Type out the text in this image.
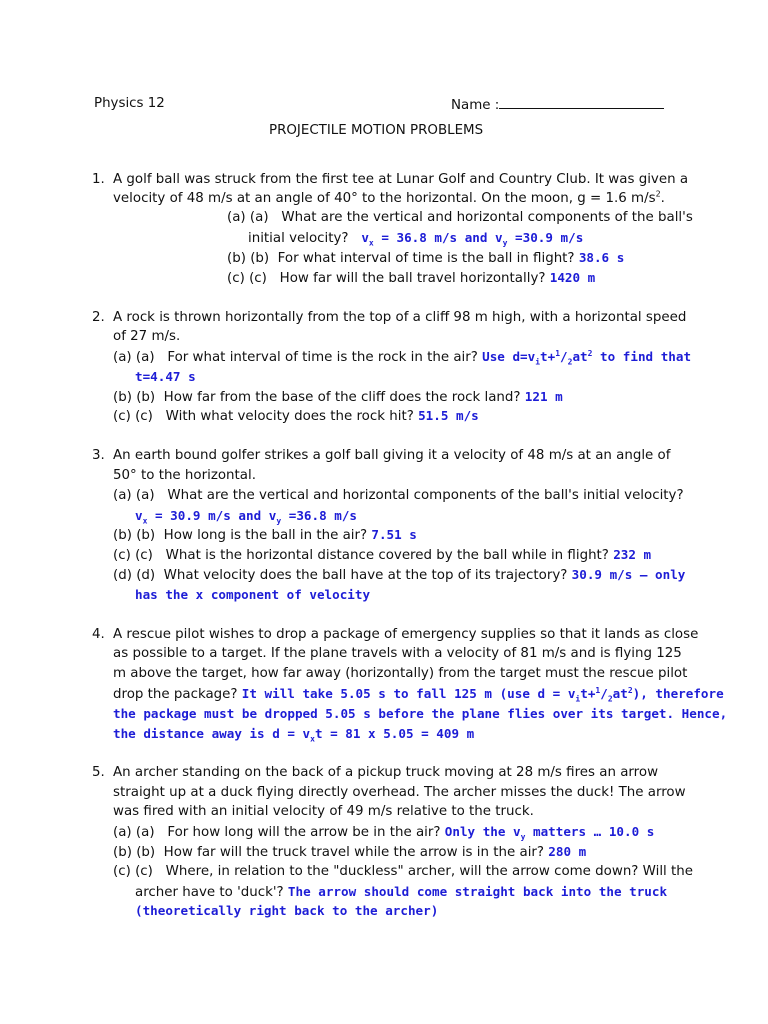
Physics 12	Name :
PROJECTILE MOTION PROBLEMS
1. A golf ball was struck from the first tee at Lunar Golf and Country Club. It was given a
velocity of 48 m/s at an angle of 40° to the horizontal. On the moon, g = 1.6 $m/s^2$.
(a) (a) What are the vertical and horizontal components of the ball's
initial velocity? $v_x = 36.8$ m/s and $v_y =30.9$ m/s
(b) (b) For what interval of time is the ball in flight? 38.6 s
(c) (c) How far will the ball travel horizontally? 1420 m
2. A rock is thrown horizontally from the top of a cliff 98 m high, with a horizontal speed
of 27 m/s.
(a) (a) For what interval of time is the rock in the air? Use $d=v_it+^1/_2at^2$ to find that
t=4.47 s
(b) (b) How far from the base of the cliff does the rock land? 121 m
(c) (c) With what velocity does the rock hit? 51.5 m/s
3. An earth bound golfer strikes a golf ball giving it a velocity of 48 m/s at an angle of
50° to the horizontal.
(a) (a) What are the vertical and horizontal components of the ball's initial velocity?
$v_x = 30.9$ m/s and $v_y =36.8$ m/s
(b) (b) How long is the ball in the air? 7.51 s
(c) (c) What is the horizontal distance covered by the ball while in flight? 232 m
(d) (d) What velocity does the ball have at the top of its trajectory? 30.9 m/s – only
has the x component of velocity
4. A rescue pilot wishes to drop a package of emergency supplies so that it lands as close
as possible to a target. If the plane travels with a velocity of 81 m/s and is flying 125
m above the target, how far away (horizontally) from the target must the rescue pilot
drop the package? It will take 5.05 s to fall 125 m (use $d = v_it+^1/_2at^2$), therefore
the package must be dropped 5.05 s before the plane flies over its target. Hence,
the distance away is $d = v_xt = 81$ x 5.05 = 409 m
5. An archer standing on the back of a pickup truck moving at 28 m/s fires an arrow
straight up at a duck flying directly overhead. The archer misses the duck! The arrow
was fired with an initial velocity of 49 m/s relative to the truck.
(a) (a) For how long will the arrow be in the air? Only the $v_y$ matters … 10.0 s
(b) (b) How far will the truck travel while the arrow is in the air? 280 m
(c) (c) Where, in relation to the "duckless" archer, will the arrow come down? Will the
archer have to 'duck'? The arrow should come straight back into the truck
(theoretically right back to the archer)
